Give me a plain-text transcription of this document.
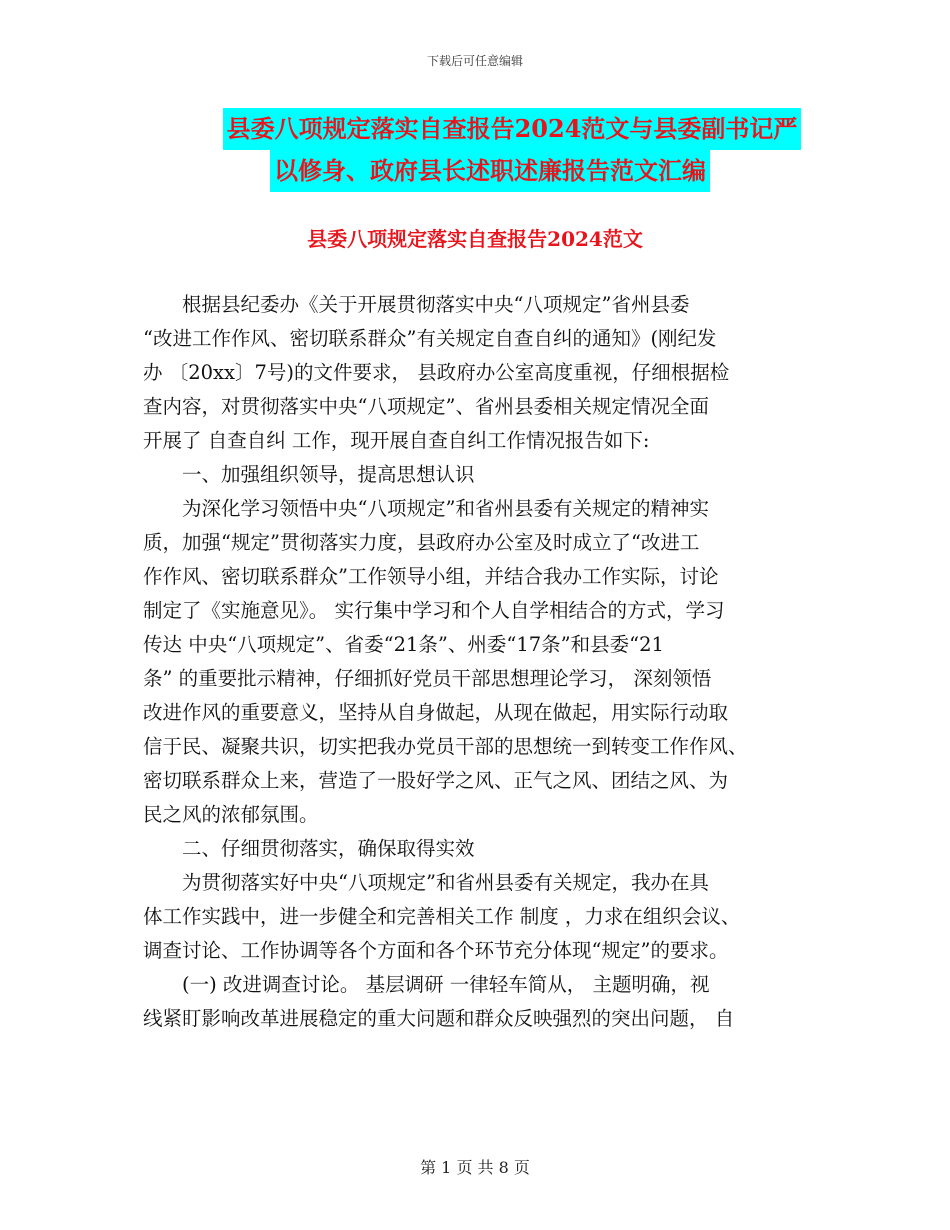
下载后可任意编辑
县委八项规定落实自查报告2024范文与县委副书记严
以修身、政府县长述职述廉报告范文汇编
县委八项规定落实自查报告2024范文
　　根据县纪委办《关于开展贯彻落实中央“八项规定”省州县委
“改进工作作风、密切联系群众”有关规定自查自纠的通知》(刚纪发
办 〔20xx〕7号)的文件要求， 县政府办公室高度重视，仔细根据检
查内容，对贯彻落实中央“八项规定”、省州县委相关规定情况全面
开展了 自查自纠 工作，现开展自查自纠工作情况报告如下:
　　一、加强组织领导，提高思想认识
　　为深化学习领悟中央“八项规定”和省州县委有关规定的精神实
质，加强“规定”贯彻落实力度，县政府办公室及时成立了“改进工
作作风、密切联系群众”工作领导小组，并结合我办工作实际，讨论
制定了《实施意见》。 实行集中学习和个人自学相结合的方式，学习
传达 中央“八项规定”、省委“21条”、州委“17条”和县委“21
条” 的重要批示精神，仔细抓好党员干部思想理论学习， 深刻领悟
改进作风的重要意义，坚持从自身做起，从现在做起，用实际行动取
信于民、凝聚共识，切实把我办党员干部的思想统一到转变工作作风、
密切联系群众上来，营造了一股好学之风、正气之风、团结之风、为
民之风的浓郁氛围。
　　二、仔细贯彻落实，确保取得实效
　　为贯彻落实好中央“八项规定”和省州县委有关规定，我办在具
体工作实践中，进一步健全和完善相关工作 制度 ，力求在组织会议、
调查讨论、工作协调等各个方面和各个环节充分体现“规定”的要求。
　　(一) 改进调查讨论。 基层调研 一律轻车简从， 主题明确，视
线紧盯影响改革进展稳定的重大问题和群众反映强烈的突出问题， 自
第 1 页 共 8 页
